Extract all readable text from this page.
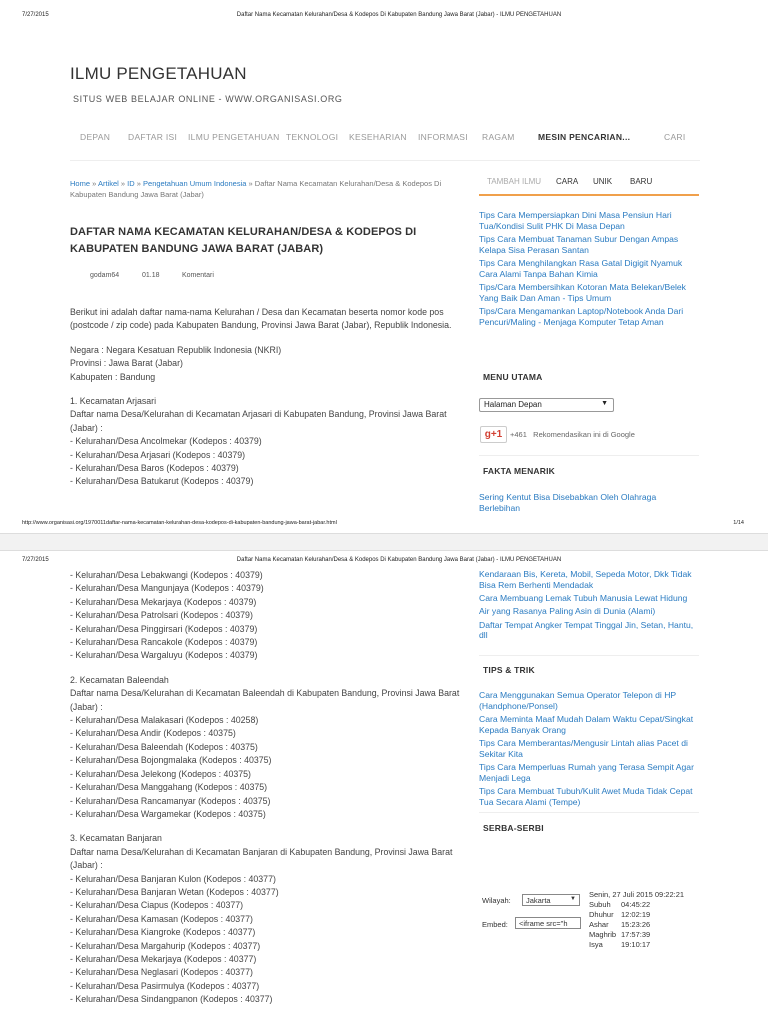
7/27/2015	Daftar Nama Kecamatan Kelurahan/Desa & Kodepos Di Kabupaten Bandung Jawa Barat (Jabar) - ILMU PENGETAHUAN
ILMU PENGETAHUAN
SITUS WEB BELAJAR ONLINE - WWW.ORGANISASI.ORG
DEPAN DAFTAR ISI ILMU PENGETAHUAN TEKNOLOGI KESEHARIAN INFORMASI RAGAM	MESIN PENCARIAN...	CARI
Home » Artikel » ID » Pengetahuan Umum Indonesia » Daftar Nama Kecamatan Kelurahan/Desa & Kodepos Di Kabupaten Bandung Jawa Barat (Jabar)
DAFTAR NAMA KECAMATAN KELURAHAN/DESA & KODEPOS DI KABUPATEN BANDUNG JAWA BARAT (JABAR)
godam64	01.18	Komentari

Berikut ini adalah daftar nama-nama Kelurahan / Desa dan Kecamatan beserta nomor kode pos (postcode / zip code) pada Kabupaten Bandung, Provinsi Jawa Barat (Jabar), Republik Indonesia.

Negara : Negara Kesatuan Republik Indonesia (NKRI)

Provinsi : Jawa Barat (Jabar)

Kabupaten : Bandung

1. Kecamatan Arjasari

Daftar nama Desa/Kelurahan di Kecamatan Arjasari di Kabupaten Bandung, Provinsi Jawa Barat (Jabar) :

- Kelurahan/Desa Ancolmekar (Kodepos : 40379)

- Kelurahan/Desa Arjasari (Kodepos : 40379)

- Kelurahan/Desa Baros (Kodepos : 40379)

- Kelurahan/Desa Batukarut (Kodepos : 40379)

TAMBAH ILMU CARA UNIK BARU
Tips Cara Mempersiapkan Dini Masa Pensiun Hari Tua/Kondisi Sulit PHK Di Masa Depan
Tips Cara Membuat Tanaman Subur Dengan Ampas Kelapa Sisa Perasan Santan
Tips Cara Menghilangkan Rasa Gatal Digigit Nyamuk Cara Alami Tanpa Bahan Kimia
Tips/Cara Membersihkan Kotoran Mata Belekan/Belek Yang Baik Dan Aman - Tips Umum
Tips/Cara Mengamankan Laptop/Notebook Anda Dari Pencuri/Maling - Menjaga Komputer Tetap Aman
MENU UTAMA
Halaman Depan	▼
g+1	+461 Rekomendasikan ini di Google
FAKTA MENARIK
Sering Kentut Bisa Disebabkan Oleh Olahraga Berlebihan
http://www.organisasi.org/1970011daftar-nama-kecamatan-kelurahan-desa-kodepos-di-kabupaten-bandung-jawa-barat-jabar.html	1/14
7/27/2015	Daftar Nama Kecamatan Kelurahan/Desa & Kodepos Di Kabupaten Bandung Jawa Barat (Jabar) - ILMU PENGETAHUAN

- Kelurahan/Desa Lebakwangi (Kodepos : 40379)

- Kelurahan/Desa Mangunjaya (Kodepos : 40379)

- Kelurahan/Desa Mekarjaya (Kodepos : 40379)

- Kelurahan/Desa Patrolsari (Kodepos : 40379)

- Kelurahan/Desa Pinggirsari (Kodepos : 40379)

- Kelurahan/Desa Rancakole (Kodepos : 40379)

- Kelurahan/Desa Wargaluyu (Kodepos : 40379)

2. Kecamatan Baleendah

Daftar nama Desa/Kelurahan di Kecamatan Baleendah di Kabupaten Bandung, Provinsi Jawa Barat (Jabar) :

- Kelurahan/Desa Malakasari (Kodepos : 40258)

- Kelurahan/Desa Andir (Kodepos : 40375)

- Kelurahan/Desa Baleendah (Kodepos : 40375)

- Kelurahan/Desa Bojongmalaka (Kodepos : 40375)

- Kelurahan/Desa Jelekong (Kodepos : 40375)

- Kelurahan/Desa Manggahang (Kodepos : 40375)

- Kelurahan/Desa Rancamanyar (Kodepos : 40375)

- Kelurahan/Desa Wargamekar (Kodepos : 40375)

3. Kecamatan Banjaran

Daftar nama Desa/Kelurahan di Kecamatan Banjaran di Kabupaten Bandung, Provinsi Jawa Barat (Jabar) :

- Kelurahan/Desa Banjaran Kulon (Kodepos : 40377)

- Kelurahan/Desa Banjaran Wetan (Kodepos : 40377)

- Kelurahan/Desa Ciapus (Kodepos : 40377)

- Kelurahan/Desa Kamasan (Kodepos : 40377)

- Kelurahan/Desa Kiangroke (Kodepos : 40377)

- Kelurahan/Desa Margahurip (Kodepos : 40377)

- Kelurahan/Desa Mekarjaya (Kodepos : 40377)

- Kelurahan/Desa Neglasari (Kodepos : 40377)

- Kelurahan/Desa Pasirmulya (Kodepos : 40377)

- Kelurahan/Desa Sindangpanon (Kodepos : 40377)

Kendaraan Bis, Kereta, Mobil, Sepeda Motor, Dkk Tidak Bisa Rem Berhenti Mendadak
Cara Membuang Lemak Tubuh Manusia Lewat Hidung
Air yang Rasanya Paling Asin di Dunia (Alami)
Daftar Tempat Angker Tempat Tinggal Jin, Setan, Hantu, dll
TIPS & TRIK
Cara Menggunakan Semua Operator Telepon di HP (Handphone/Ponsel)
Cara Meminta Maaf Mudah Dalam Waktu Cepat/Singkat Kepada Banyak Orang
Tips Cara Memberantas/Mengusir Lintah alias Pacet di Sekitar Kita
Tips Cara Memperluas Rumah yang Terasa Sempit Agar Menjadi Lega
Tips Cara Membuat Tubuh/Kulit Awet Muda Tidak Cepat Tua Secara Alami (Tempe)
SERBA-SERBI
Wilayah:	Jakarta	▼
Embed:	<iframe src="h
Senin, 27 Juli 2015 09:22:21
Subuh 04:45:22
Dhuhur 12:02:19
Ashar 15:23:26
Maghrib 17:57:39
Isya 19:10:17
